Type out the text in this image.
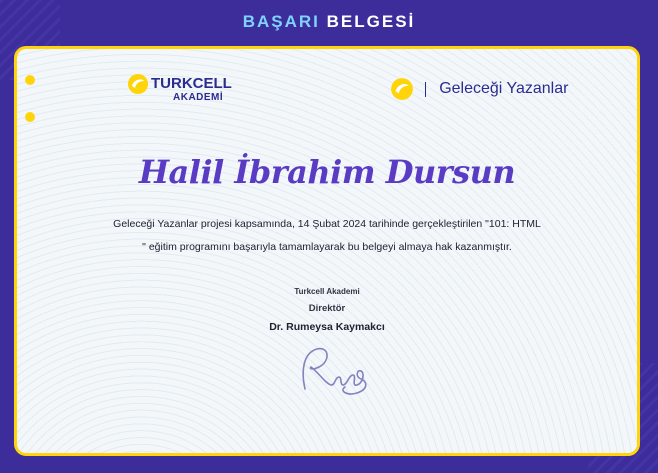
BAŞARI BELGESİ
TURKCELL
AKADEMİ
Geleceği Yazanlar
Halil İbrahim Dursun
Geleceği Yazanlar projesi kapsamında, 14 Şubat 2024 tarihinde gerçekleştirilen "101: HTML
" eğitim programını başarıyla tamamlayarak bu belgeyi almaya hak kazanmıştır.
Turkcell Akademi
Direktör
Dr. Rumeysa Kaymakcı
